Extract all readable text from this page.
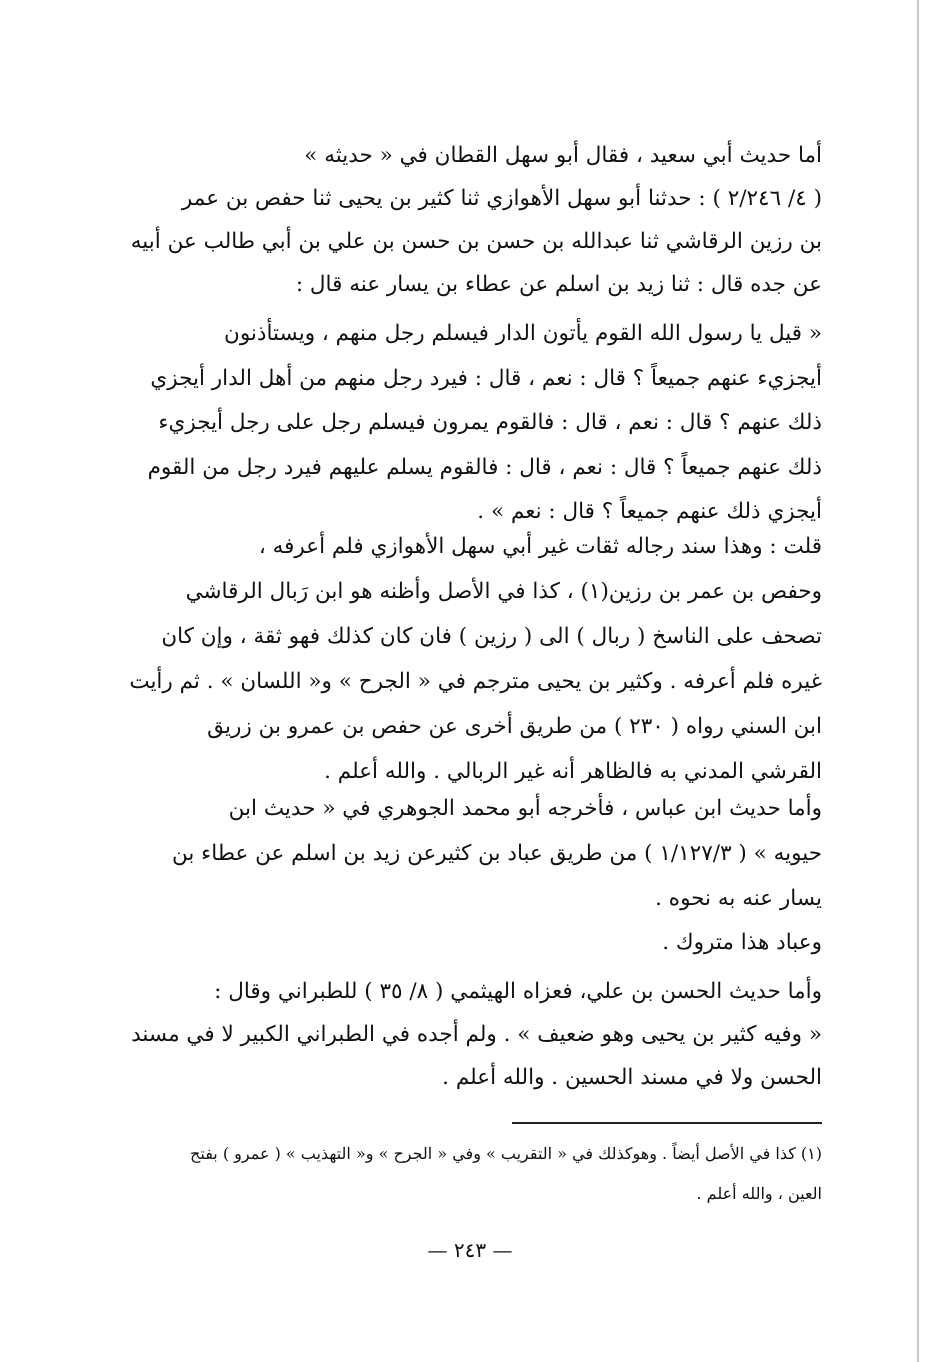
أما حديث أبي سعيد ، فقال أبو سهل القطان في « حديثه »
( ٤/ ٢/٢٤٦ ) : حدثنا أبو سهل الأهوازي ثنا كثير بن يحيى ثنا حفص بن عمر
بن رزين الرقاشي ثنا عبدالله بن حسن بن حسن بن علي بن أبي طالب عن أبيه
عن جده قال : ثنا زيد بن اسلم عن عطاء بن يسار عنه قال :
« قيل يا رسول الله القوم يأتون الدار فيسلم رجل منهم ، ويستأذنون
أيجزيء عنهم جميعاً ؟ قال : نعم ، قال : فيرد رجل منهم من أهل الدار أيجزي
ذلك عنهم ؟ قال : نعم ، قال : فالقوم يمرون فيسلم رجل على رجل أيجزيء
ذلك عنهم جميعاً ؟ قال : نعم ، قال : فالقوم يسلم عليهم فيرد رجل من القوم
أيجزي ذلك عنهم جميعاً ؟ قال : نعم » .
قلت : وهذا سند رجاله ثقات غير أبي سهل الأهوازي فلم أعرفه ،
وحفص بن عمر بن رزين(١) ، كذا في الأصل وأظنه هو ابن رَبال الرقاشي
تصحف على الناسخ ( ربال ) الى ( رزين ) فان كان كذلك فهو ثقة ، وإن كان
غيره فلم أعرفه . وكثير بن يحيى مترجم في « الجرح » و« اللسان » . ثم رأيت
ابن السني رواه ( ٢٣٠ ) من طريق أخرى عن حفص بن عمرو بن زريق
القرشي المدني به فالظاهر أنه غير الربالي . والله أعلم .
وأما حديث ابن عباس ، فأخرجه أبو محمد الجوهري في « حديث ابن
حيويه » ( ١/١٢٧/٣ ) من طريق عباد بن كثيرعن زيد بن اسلم عن عطاء بن
يسار عنه به نحوه .
وعباد هذا متروك .
وأما حديث الحسن بن علي، فعزاه الهيثمي ( ٨/ ٣٥ ) للطبراني وقال :
« وفيه كثير بن يحيى وهو ضعيف » . ولم أجده في الطبراني الكبير لا في مسند
الحسن ولا في مسند الحسين . والله أعلم .
(١) كذا في الأصل أيضاً . وهوكذلك في « التقريب » وفي « الجرح » و« التهذيب » ( عمرو ) بفتح
العين ، والله أعلم .
— ٢٤٣ —
